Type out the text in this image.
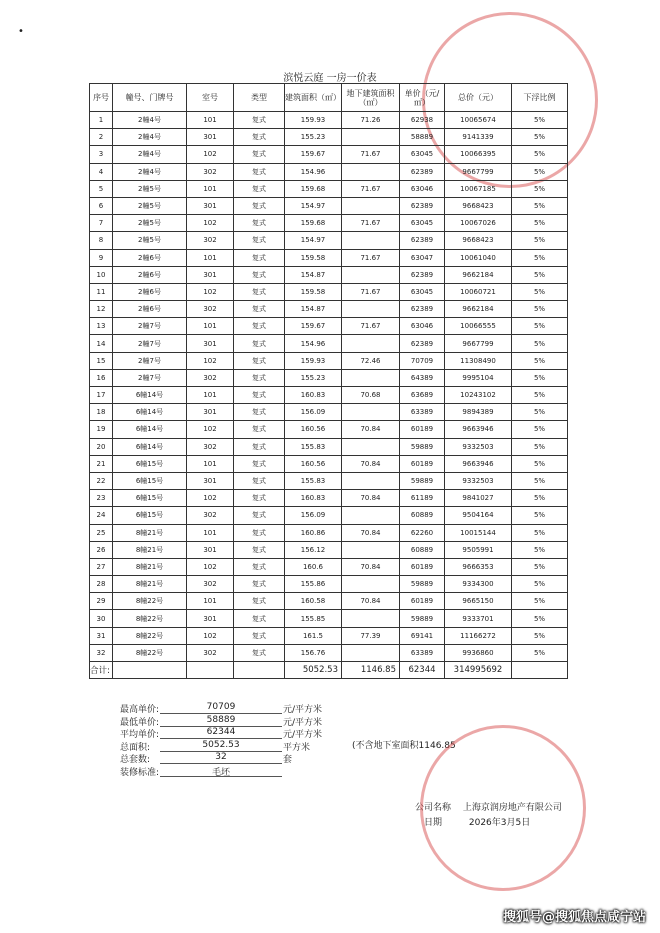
•
滨悦云庭 一房一价表
序号	幢号、门牌号	室号	类型	建筑面积（㎡）	地下建筑面积（㎡）	单价（元/㎡）	总价（元）	下浮比例
1	2幢4号	101	复式	159.93	71.26	62938	10065674	5%
2	2幢4号	301	复式	155.23		58889	9141339	5%
3	2幢4号	102	复式	159.67	71.67	63045	10066395	5%
4	2幢4号	302	复式	154.96		62389	9667799	5%
5	2幢5号	101	复式	159.68	71.67	63046	10067185	5%
6	2幢5号	301	复式	154.97		62389	9668423	5%
7	2幢5号	102	复式	159.68	71.67	63045	10067026	5%
8	2幢5号	302	复式	154.97		62389	9668423	5%
9	2幢6号	101	复式	159.58	71.67	63047	10061040	5%
10	2幢6号	301	复式	154.87		62389	9662184	5%
11	2幢6号	102	复式	159.58	71.67	63045	10060721	5%
12	2幢6号	302	复式	154.87		62389	9662184	5%
13	2幢7号	101	复式	159.67	71.67	63046	10066555	5%
14	2幢7号	301	复式	154.96		62389	9667799	5%
15	2幢7号	102	复式	159.93	72.46	70709	11308490	5%
16	2幢7号	302	复式	155.23		64389	9995104	5%
17	6幢14号	101	复式	160.83	70.68	63689	10243102	5%
18	6幢14号	301	复式	156.09		63389	9894389	5%
19	6幢14号	102	复式	160.56	70.84	60189	9663946	5%
20	6幢14号	302	复式	155.83		59889	9332503	5%
21	6幢15号	101	复式	160.56	70.84	60189	9663946	5%
22	6幢15号	301	复式	155.83		59889	9332503	5%
23	6幢15号	102	复式	160.83	70.84	61189	9841027	5%
24	6幢15号	302	复式	156.09		60889	9504164	5%
25	8幢21号	101	复式	160.86	70.84	62260	10015144	5%
26	8幢21号	301	复式	156.12		60889	9505991	5%
27	8幢21号	102	复式	160.6	70.84	60189	9666353	5%
28	8幢21号	302	复式	155.86		59889	9334300	5%
29	8幢22号	101	复式	160.58	70.84	60189	9665150	5%
30	8幢22号	301	复式	155.85		59889	9333701	5%
31	8幢22号	102	复式	161.5	77.39	69141	11166272	5%
32	8幢22号	302	复式	156.76		63389	9936860	5%
合计:				5052.53	1146.85	62344	314995692	
最高单价:	70709	元/平方米
最低单价:	58889	元/平方米
平均单价:	62344	元/平方米
总面积:	5052.53	平方米
总套数:	32	套
装修标准:	毛坯
(不含地下室面积1146.85
公司名称 上海京润房地产有限公司
日期	2026年3月5日
搜狐号@搜狐焦点咸宁站
